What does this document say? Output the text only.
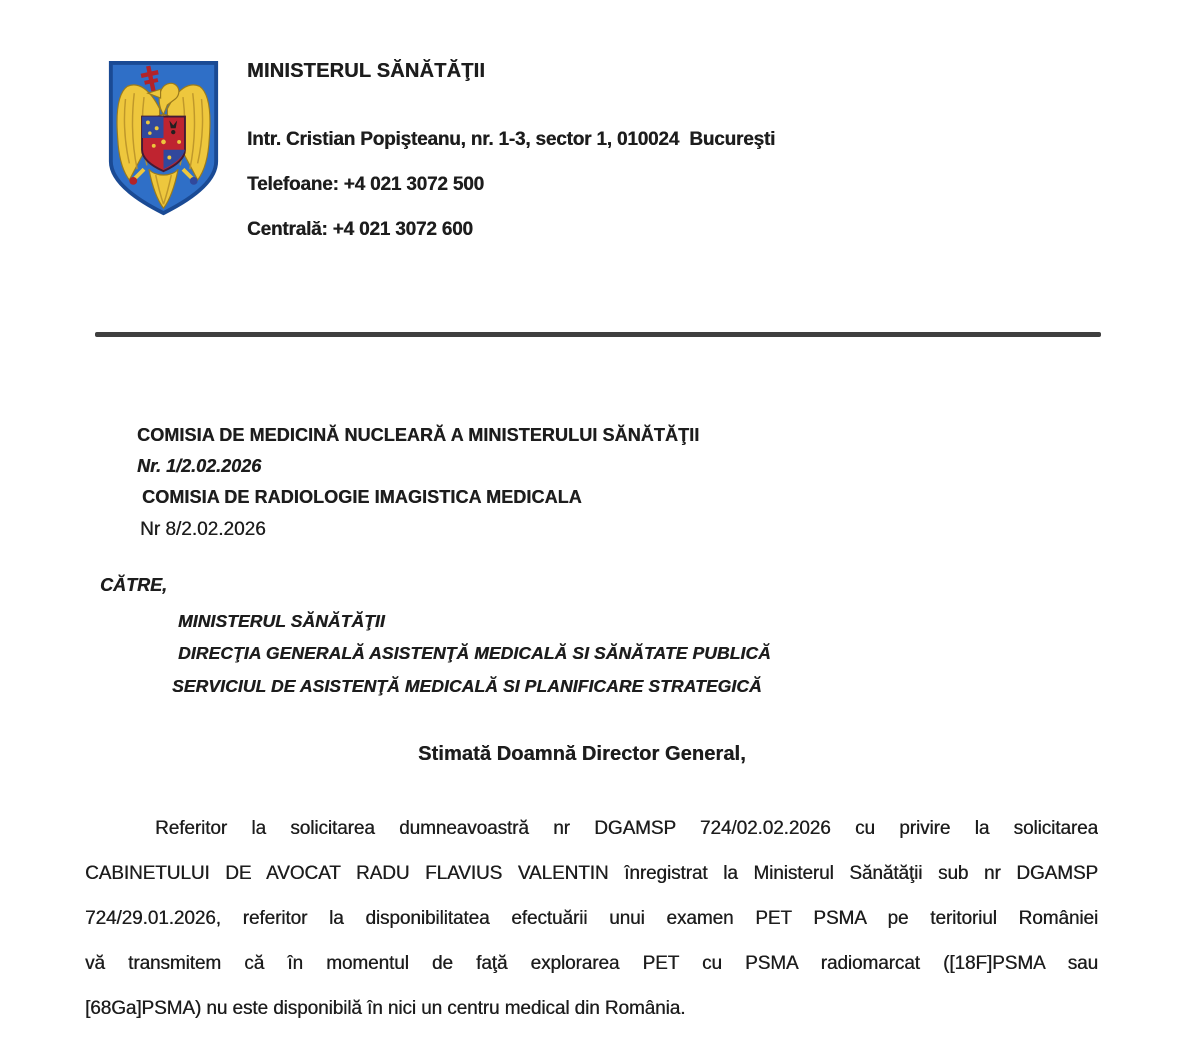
MINISTERUL SĂNĂTĂŢII
Intr. Cristian Popişteanu, nr. 1-3, sector 1, 010024  Bucureşti
Telefoane: +4 021 3072 500
Centrală: +4 021 3072 600
COMISIA DE MEDICINĂ NUCLEARĂ A MINISTERULUI SĂNĂTĂŢII
Nr. 1/2.02.2026
COMISIA DE RADIOLOGIE IMAGISTICA MEDICALA
Nr 8/2.02.2026
CĂTRE,
MINISTERUL SĂNĂTĂŢII
DIRECŢIA GENERALĂ ASISTENŢĂ MEDICALĂ SI SĂNĂTATE PUBLICĂ
SERVICIUL DE ASISTENŢĂ MEDICALĂ SI PLANIFICARE STRATEGICĂ
Stimată Doamnă Director General,
Referitor la solicitarea dumneavoastră nr DGAMSP 724/02.02.2026 cu privire la solicitarea
CABINETULUI DE AVOCAT RADU FLAVIUS VALENTIN înregistrat la Ministerul Sănătăţii sub nr DGAMSP
724/29.01.2026, referitor la disponibilitatea efectuării unui examen PET PSMA pe teritoriul României
vă transmitem că în momentul de faţă explorarea PET cu PSMA radiomarcat ([18F]PSMA sau
[68Ga]PSMA) nu este disponibilă în nici un centru medical din România.
